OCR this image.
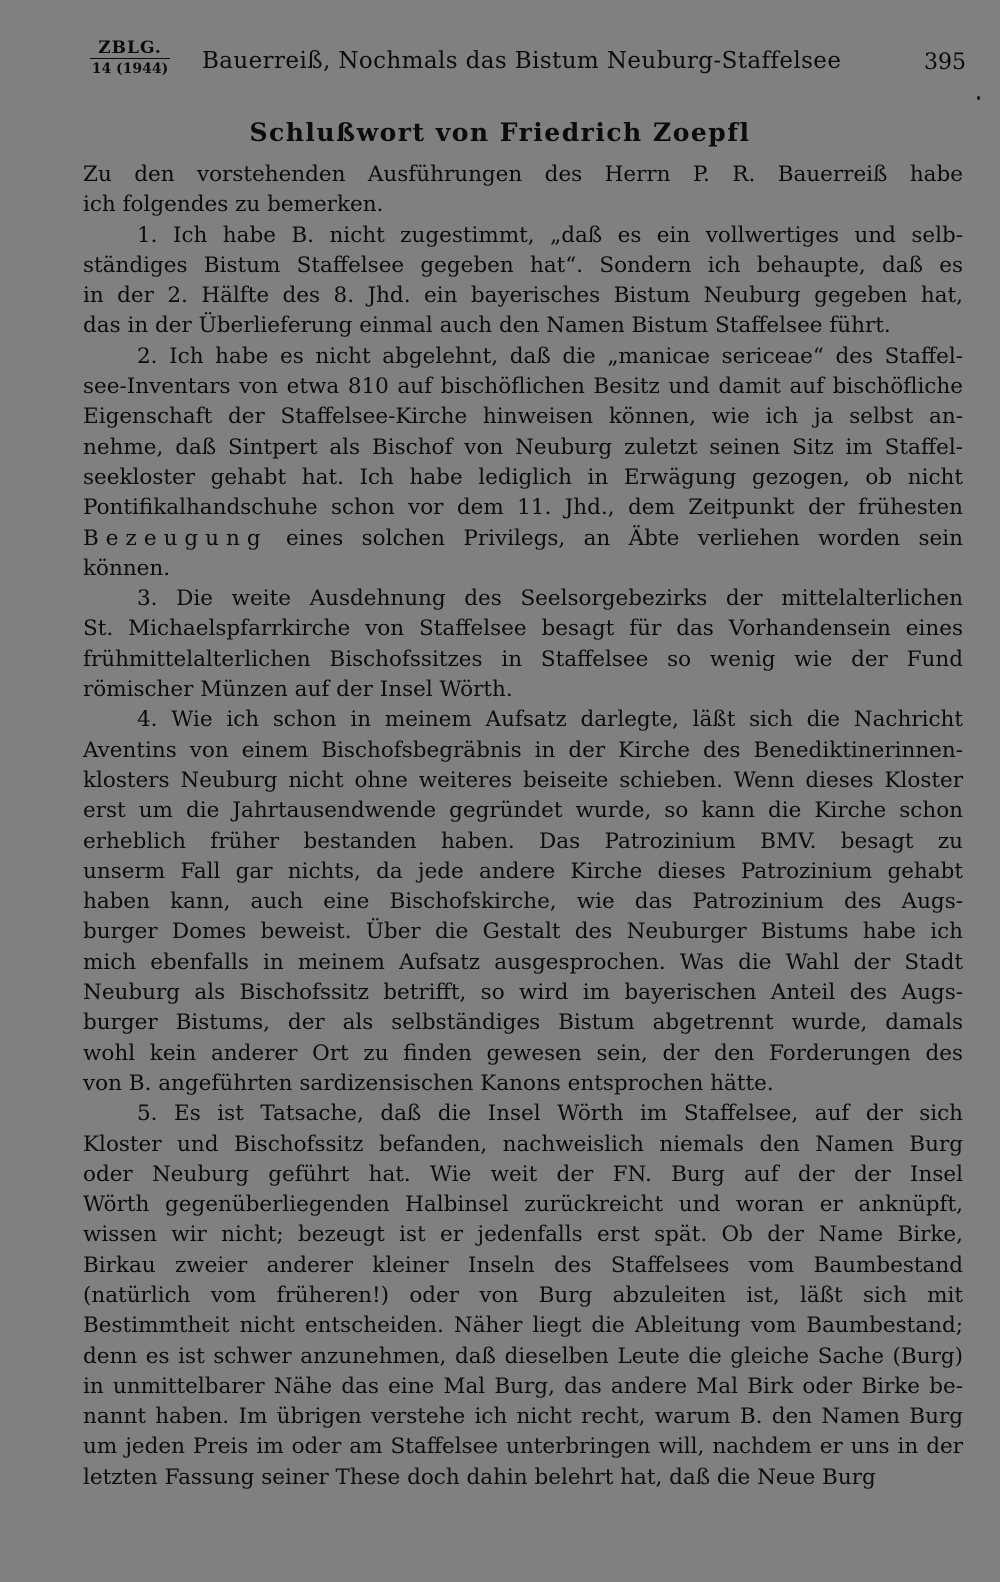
ZBLG.
14 (1944) Bauerreiß, Nochmals das Bistum Neuburg-Staffelsee	395
Schlußwort von Friedrich Zoepfl
Zu den vorstehenden Ausführungen des Herrn P. R. Bauerreiß habe
ich folgendes zu bemerken.
1. Ich habe B. nicht zugestimmt, „daß es ein vollwertiges und selb-
ständiges Bistum Staffelsee gegeben hat“. Sondern ich behaupte, daß es
in der 2. Hälfte des 8. Jhd. ein bayerisches Bistum Neuburg gegeben hat,
das in der Überlieferung einmal auch den Namen Bistum Staffelsee führt.
2. Ich habe es nicht abgelehnt, daß die „manicae sericeae“ des Staffel-
see-Inventars von etwa 810 auf bischöflichen Besitz und damit auf bischöfliche
Eigenschaft der Staffelsee-Kirche hinweisen können, wie ich ja selbst an-
nehme, daß Sintpert als Bischof von Neuburg zuletzt seinen Sitz im Staffel-
seekloster gehabt hat. Ich habe lediglich in Erwägung gezogen, ob nicht
Pontifikalhandschuhe schon vor dem 11. Jhd., dem Zeitpunkt der frühesten
Bezeugung eines solchen Privilegs, an Äbte verliehen worden sein
können.
3. Die weite Ausdehnung des Seelsorgebezirks der mittelalterlichen
St. Michaelspfarrkirche von Staffelsee besagt für das Vorhandensein eines
frühmittelalterlichen Bischofssitzes in Staffelsee so wenig wie der Fund
römischer Münzen auf der Insel Wörth.
4. Wie ich schon in meinem Aufsatz darlegte, läßt sich die Nachricht
Aventins von einem Bischofsbegräbnis in der Kirche des Benediktinerinnen-
klosters Neuburg nicht ohne weiteres beiseite schieben. Wenn dieses Kloster
erst um die Jahrtausendwende gegründet wurde, so kann die Kirche schon
erheblich früher bestanden haben. Das Patrozinium BMV. besagt zu
unserm Fall gar nichts, da jede andere Kirche dieses Patrozinium gehabt
haben kann, auch eine Bischofskirche, wie das Patrozinium des Augs-
burger Domes beweist. Über die Gestalt des Neuburger Bistums habe ich
mich ebenfalls in meinem Aufsatz ausgesprochen. Was die Wahl der Stadt
Neuburg als Bischofssitz betrifft, so wird im bayerischen Anteil des Augs-
burger Bistums, der als selbständiges Bistum abgetrennt wurde, damals
wohl kein anderer Ort zu finden gewesen sein, der den Forderungen des
von B. angeführten sardizensischen Kanons entsprochen hätte.
5. Es ist Tatsache, daß die Insel Wörth im Staffelsee, auf der sich
Kloster und Bischofssitz befanden, nachweislich niemals den Namen Burg
oder Neuburg geführt hat. Wie weit der FN. Burg auf der der Insel
Wörth gegenüberliegenden Halbinsel zurückreicht und woran er anknüpft,
wissen wir nicht; bezeugt ist er jedenfalls erst spät. Ob der Name Birke,
Birkau zweier anderer kleiner Inseln des Staffelsees vom Baumbestand
(natürlich vom früheren!) oder von Burg abzuleiten ist, läßt sich mit
Bestimmtheit nicht entscheiden. Näher liegt die Ableitung vom Baumbestand;
denn es ist schwer anzunehmen, daß dieselben Leute die gleiche Sache (Burg)
in unmittelbarer Nähe das eine Mal Burg, das andere Mal Birk oder Birke be-
nannt haben. Im übrigen verstehe ich nicht recht, warum B. den Namen Burg
um jeden Preis im oder am Staffelsee unterbringen will, nachdem er uns in der
letzten Fassung seiner These doch dahin belehrt hat, daß die Neue Burg
